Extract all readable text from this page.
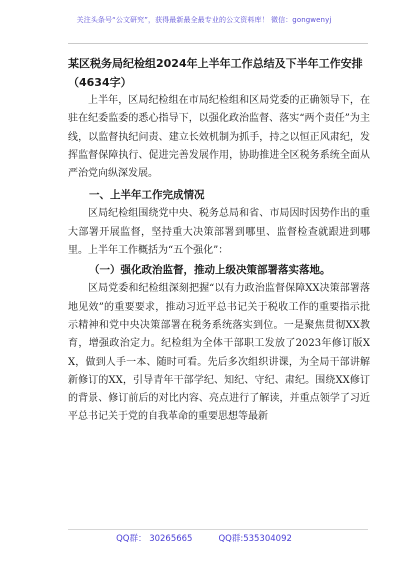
关注头条号“公文研究”，获得最新最全最专业的公文资料库！ 微信：gongwenyj

某区税务局纪检组2024年上半年工作总结及下半年工作安排（4634字）

上半年，区局纪检组在市局纪检组和区局党委的正确领导下，在驻在纪委监委的悉心指导下，以强化政治监督、落实“两个责任”为主线，以监督执纪问责、建立长效机制为抓手，持之以恒正风肃纪，发挥监督保障执行、促进完善发展作用，协助推进全区税务系统全面从严治党向纵深发展。

一、上半年工作完成情况

区局纪检组围绕党中央、税务总局和省、市局因时因势作出的重大部署开展监督，坚持重大决策部署到哪里、监督检查就跟进到哪里。上半年工作概括为“五个强化”：

（一）强化政治监督，推动上级决策部署落实落地。

区局党委和纪检组深刻把握“以有力政治监督保障XX决策部署落地见效”的重要要求，推动习近平总书记关于税收工作的重要指示批示精神和党中央决策部署在税务系统落实到位。一是聚焦贯彻XX教育，增强政治定力。纪检组为全体干部职工发放了2023年修订版XX，做到人手一本、随时可看。先后多次组织讲课，为全局干部讲解新修订的XX，引导青年干部学纪、知纪、守纪、肃纪。围绕XX修订的背景、修订前后的对比内容、亮点进行了解读，并重点领学了习近平总书记关于党的自我革命的重要思想等最新

QQ群： 30265665	QQ群:535304092
